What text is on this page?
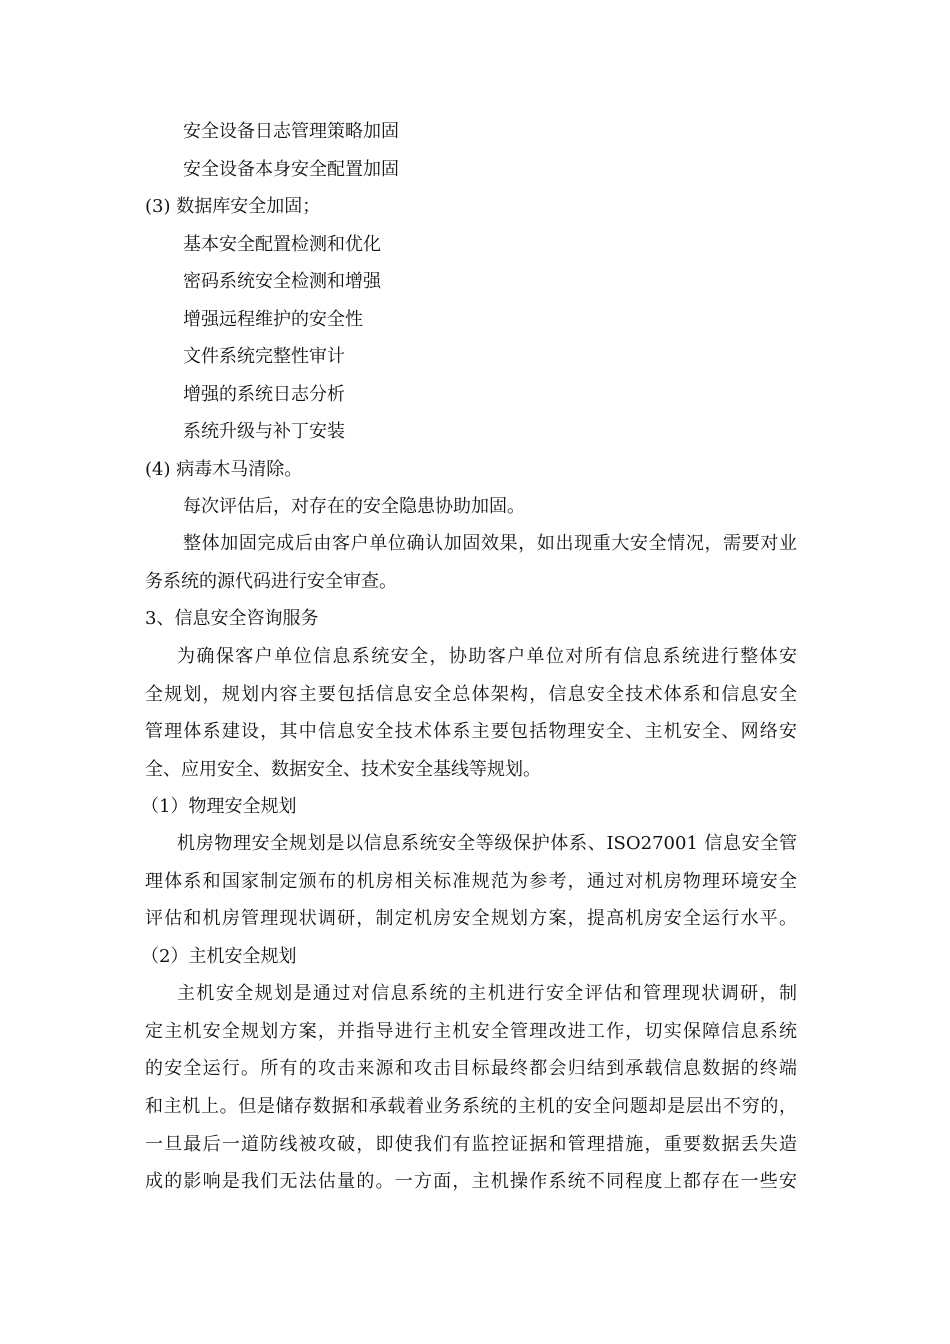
安全设备日志管理策略加固
安全设备本身安全配置加固
(3) 数据库安全加固；
基本安全配置检测和优化
密码系统安全检测和增强
增强远程维护的安全性
文件系统完整性审计
增强的系统日志分析
系统升级与补丁安装
(4) 病毒木马清除。
每次评估后，对存在的安全隐患协助加固。
整体加固完成后由客户单位确认加固效果，如出现重大安全情况，需要对业
务系统的源代码进行安全审查。
3、信息安全咨询服务
为确保客户单位信息系统安全，协助客户单位对所有信息系统进行整体安
全规划，规划内容主要包括信息安全总体架构，信息安全技术体系和信息安全
管理体系建设，其中信息安全技术体系主要包括物理安全、主机安全、网络安
全、应用安全、数据安全、技术安全基线等规划。
（1）物理安全规划
机房物理安全规划是以信息系统安全等级保护体系、ISO27001 信息安全管
理体系和国家制定颁布的机房相关标准规范为参考，通过对机房物理环境安全
评估和机房管理现状调研，制定机房安全规划方案，提高机房安全运行水平。
（2）主机安全规划
主机安全规划是通过对信息系统的主机进行安全评估和管理现状调研，制
定主机安全规划方案，并指导进行主机安全管理改进工作，切实保障信息系统
的安全运行。所有的攻击来源和攻击目标最终都会归结到承载信息数据的终端
和主机上。但是储存数据和承载着业务系统的主机的安全问题却是层出不穷的，
一旦最后一道防线被攻破，即使我们有监控证据和管理措施，重要数据丢失造
成的影响是我们无法估量的。一方面，主机操作系统不同程度上都存在一些安
